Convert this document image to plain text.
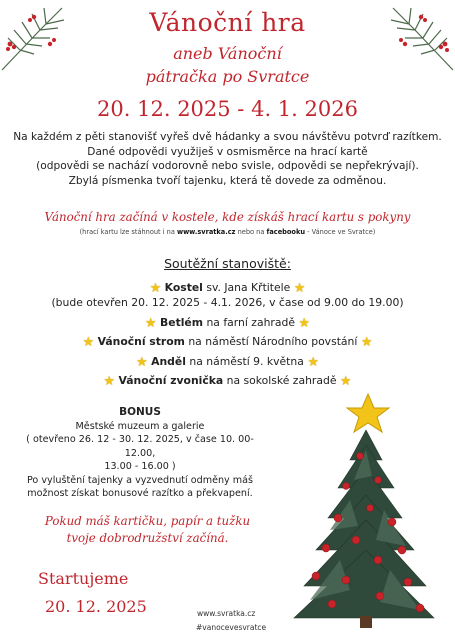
Vánoční hra
aneb Vánoční
pátračka po Svratce
20. 12. 2025 - 4. 1. 2026
Na každém z pěti stanovišť vyřeš dvě hádanky a svou návštěvu potvrď razítkem.
Dané odpovědi využiješ v osmisměrce na hrací kartě
(odpovědi se nachází vodorovně nebo svisle, odpovědi se nepřekrývají).
Zbylá písmenka tvoří tajenku, která tě dovede za odměnou.
Vánoční hra začíná v kostele, kde získáš hrací kartu s pokyny
(hrací kartu lze stáhnout i na www.svratka.cz nebo na facebooku - Vánoce ve Svratce)
Soutěžní stanoviště:
★ Kostel sv. Jana Křtitele ★
(bude otevřen 20. 12. 2025 - 4.1. 2026, v čase od 9.00 do 19.00)
★ Betlém na farní zahradě ★
★ Vánoční strom na náměstí Národního povstání ★
★ Anděl na náměstí 9. května ★
★ Vánoční zvonička na sokolské zahradě ★
BONUS
Městské muzeum a galerie
( otevřeno 26. 12 - 30. 12. 2025, v čase 10. 00-12.00,
13.00 - 16.00 )
Po vyluštění tajenky a vyzvednutí odměny máš
možnost získat bonusové razítko a překvapení.
Pokud máš kartičku, papír a tužku
tvoje dobrodružství začíná.
Startujeme
20. 12. 2025	www.svratka.cz
#vanocevesvratce
